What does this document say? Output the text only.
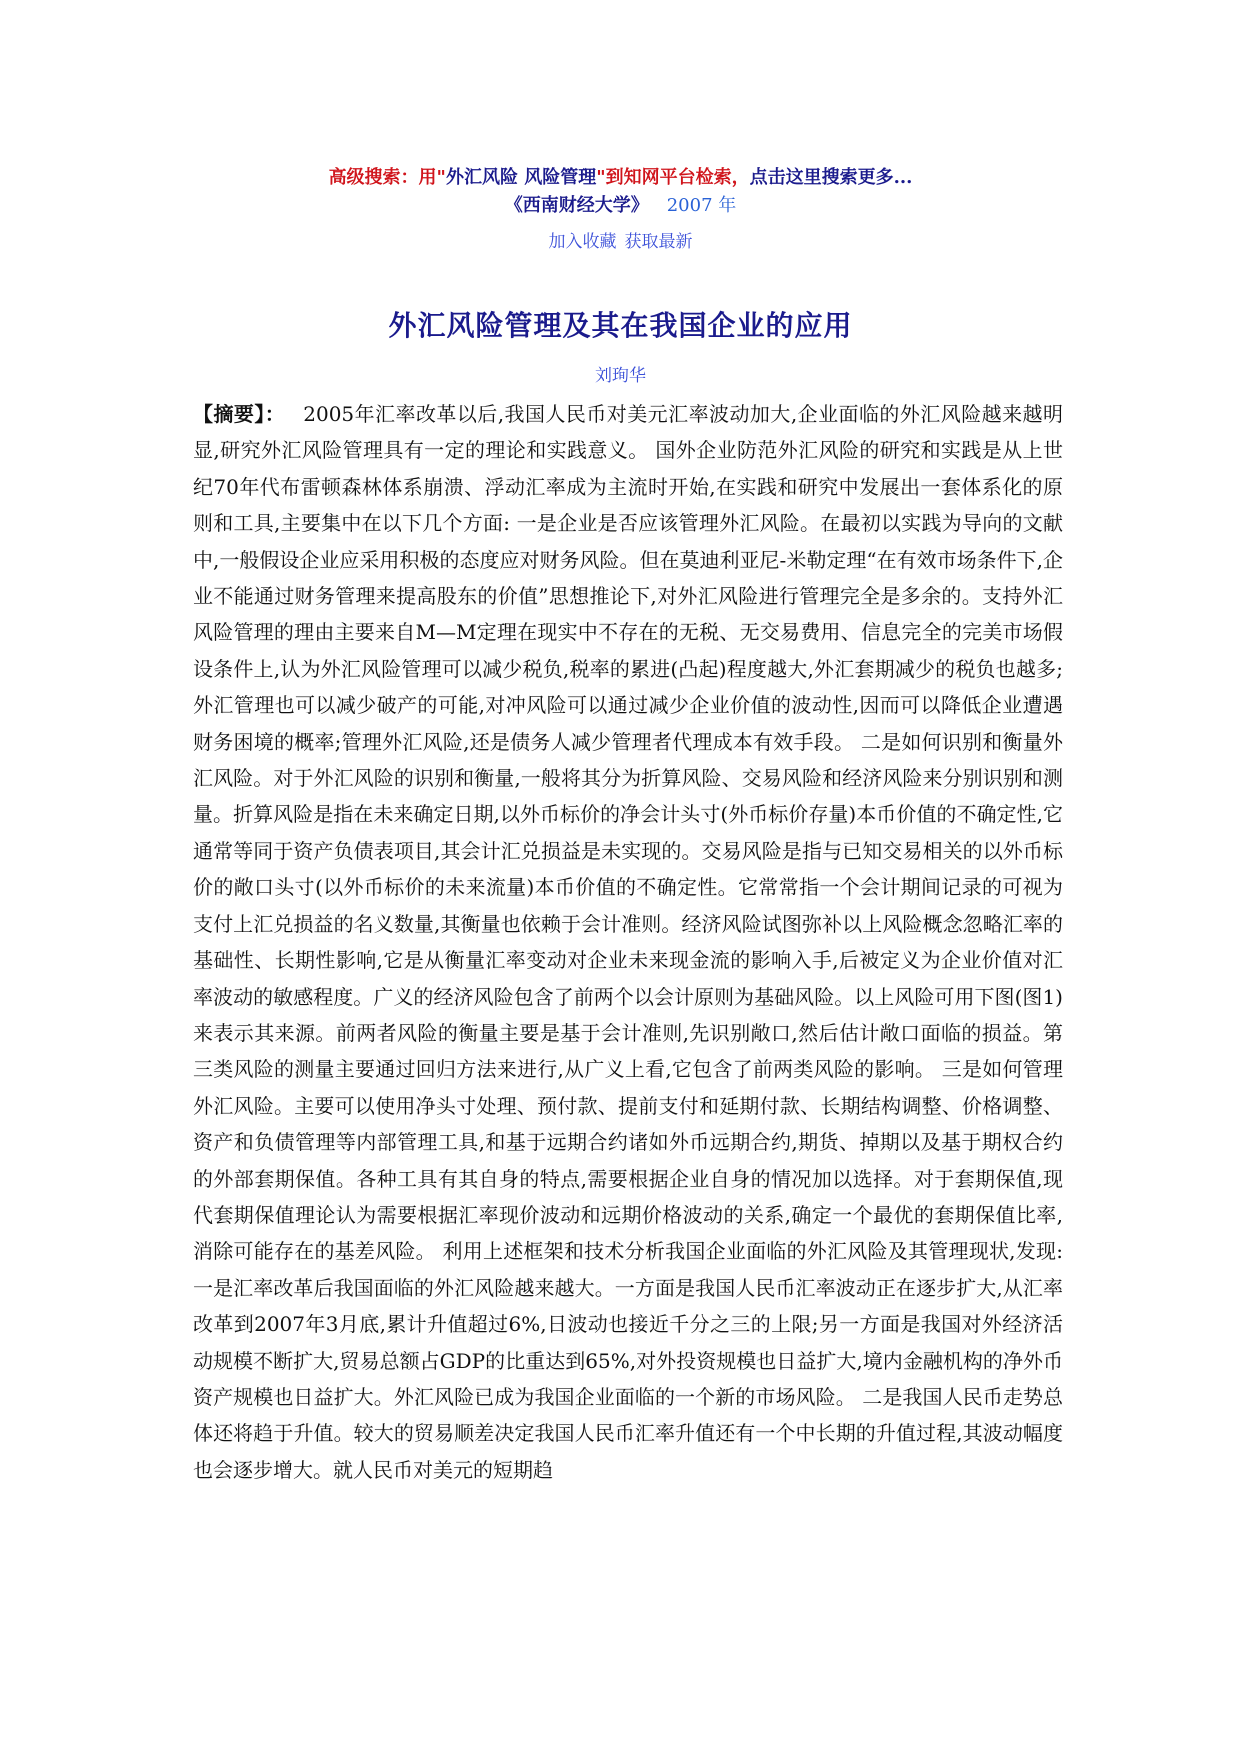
高级搜索：用"外汇风险 风险管理"到知网平台检索，点击这里搜索更多...
《西南财经大学》 2007 年
加入收藏 获取最新
外汇风险管理及其在我国企业的应用
刘珣华
【摘要】： 2005年汇率改革以后,我国人民币对美元汇率波动加大,企业面临的外汇风险越来越明显,研究外汇风险管理具有一定的理论和实践意义。 国外企业防范外汇风险的研究和实践是从上世纪70年代布雷顿森林体系崩溃、浮动汇率成为主流时开始,在实践和研究中发展出一套体系化的原则和工具,主要集中在以下几个方面: 一是企业是否应该管理外汇风险。在最初以实践为导向的文献中,一般假设企业应采用积极的态度应对财务风险。但在莫迪利亚尼-米勒定理“在有效市场条件下,企业不能通过财务管理来提高股东的价值”思想推论下,对外汇风险进行管理完全是多余的。支持外汇风险管理的理由主要来自M—M定理在现实中不存在的无税、无交易费用、信息完全的完美市场假设条件上,认为外汇风险管理可以减少税负,税率的累进(凸起)程度越大,外汇套期减少的税负也越多;外汇管理也可以减少破产的可能,对冲风险可以通过减少企业价值的波动性,因而可以降低企业遭遇财务困境的概率;管理外汇风险,还是债务人减少管理者代理成本有效手段。 二是如何识别和衡量外汇风险。对于外汇风险的识别和衡量,一般将其分为折算风险、交易风险和经济风险来分别识别和测量。折算风险是指在未来确定日期,以外币标价的净会计头寸(外币标价存量)本币价值的不确定性,它通常等同于资产负债表项目,其会计汇兑损益是未实现的。交易风险是指与已知交易相关的以外币标价的敞口头寸(以外币标价的未来流量)本币价值的不确定性。它常常指一个会计期间记录的可视为支付上汇兑损益的名义数量,其衡量也依赖于会计准则。经济风险试图弥补以上风险概念忽略汇率的基础性、长期性影响,它是从衡量汇率变动对企业未来现金流的影响入手,后被定义为企业价值对汇率波动的敏感程度。广义的经济风险包含了前两个以会计原则为基础风险。以上风险可用下图(图1)来表示其来源。前两者风险的衡量主要是基于会计准则,先识别敞口,然后估计敞口面临的损益。第三类风险的测量主要通过回归方法来进行,从广义上看,它包含了前两类风险的影响。 三是如何管理外汇风险。主要可以使用净头寸处理、预付款、提前支付和延期付款、长期结构调整、价格调整、资产和负债管理等内部管理工具,和基于远期合约诸如外币远期合约,期货、掉期以及基于期权合约的外部套期保值。各种工具有其自身的特点,需要根据企业自身的情况加以选择。对于套期保值,现代套期保值理论认为需要根据汇率现价波动和远期价格波动的关系,确定一个最优的套期保值比率,消除可能存在的基差风险。 利用上述框架和技术分析我国企业面临的外汇风险及其管理现状,发现: 一是汇率改革后我国面临的外汇风险越来越大。一方面是我国人民币汇率波动正在逐步扩大,从汇率改革到2007年3月底,累计升值超过6%,日波动也接近千分之三的上限;另一方面是我国对外经济活动规模不断扩大,贸易总额占GDP的比重达到65%,对外投资规模也日益扩大,境内金融机构的净外币资产规模也日益扩大。外汇风险已成为我国企业面临的一个新的市场风险。 二是我国人民币走势总体还将趋于升值。较大的贸易顺差决定我国人民币汇率升值还有一个中长期的升值过程,其波动幅度也会逐步增大。就人民币对美元的短期趋
